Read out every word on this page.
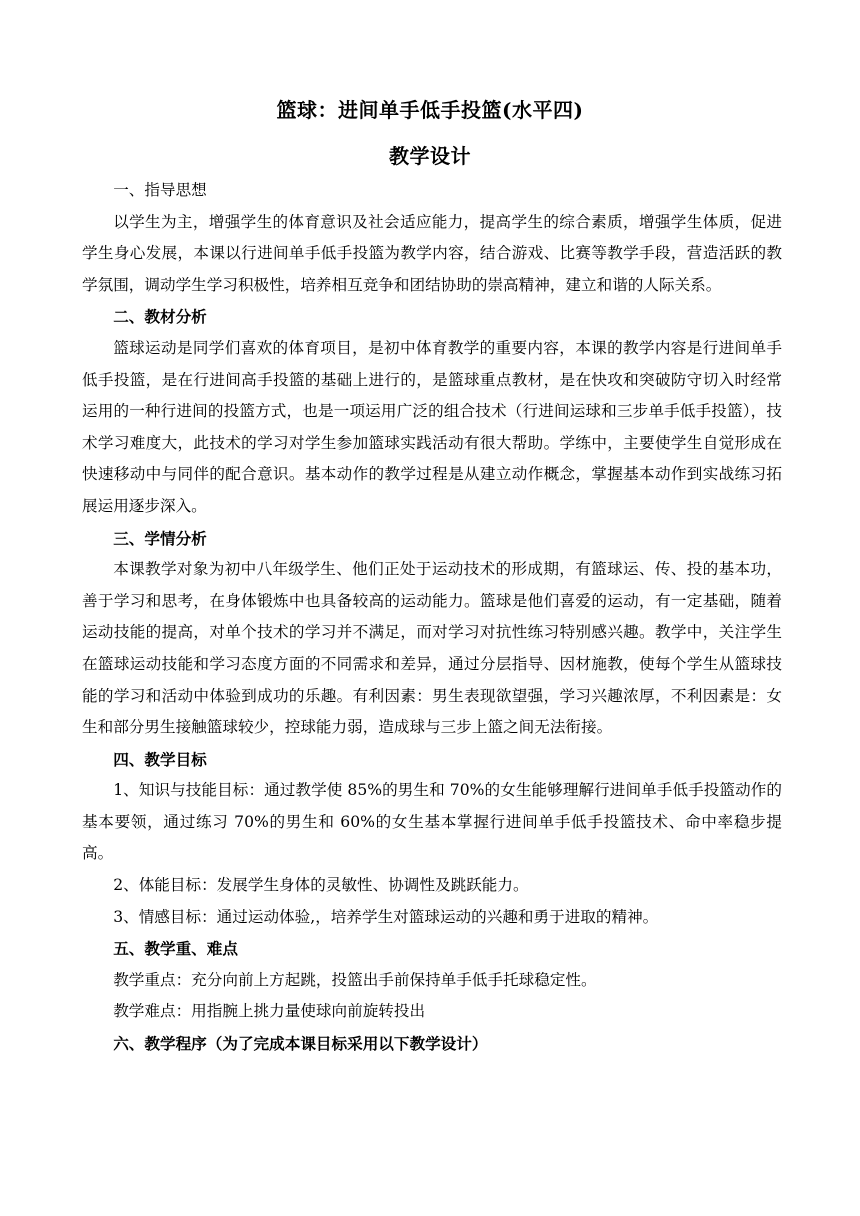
篮球：进间单手低手投篮(水平四)
教学设计

一、指导思想

以学生为主，增强学生的体育意识及社会适应能力，提高学生的综合素质，增强学生体质，促进学生身心发展，本课以行进间单手低手投篮为教学内容，结合游戏、比赛等教学手段，营造活跃的教学氛围，调动学生学习积极性，培养相互竞争和团结协助的崇高精神，建立和谐的人际关系。

二、教材分析

篮球运动是同学们喜欢的体育项目，是初中体育教学的重要内容，本课的教学内容是行进间单手低手投篮，是在行进间高手投篮的基础上进行的，是篮球重点教材，是在快攻和突破防守切入时经常运用的一种行进间的投篮方式，也是一项运用广泛的组合技术（行进间运球和三步单手低手投篮），技术学习难度大，此技术的学习对学生参加篮球实践活动有很大帮助。学练中，主要使学生自觉形成在快速移动中与同伴的配合意识。基本动作的教学过程是从建立动作概念，掌握基本动作到实战练习拓展运用逐步深入。

三、学情分析

本课教学对象为初中八年级学生、他们正处于运动技术的形成期，有篮球运、传、投的基本功，善于学习和思考，在身体锻炼中也具备较高的运动能力。篮球是他们喜爱的运动，有一定基础，随着运动技能的提高，对单个技术的学习并不满足，而对学习对抗性练习特别感兴趣。教学中，关注学生在篮球运动技能和学习态度方面的不同需求和差异，通过分层指导、因材施教，使每个学生从篮球技能的学习和活动中体验到成功的乐趣。有利因素：男生表现欲望强，学习兴趣浓厚，不利因素是：女生和部分男生接触篮球较少，控球能力弱，造成球与三步上篮之间无法衔接。

四、教学目标

1、知识与技能目标：通过教学使 85%的男生和 70%的女生能够理解行进间单手低手投篮动作的基本要领，通过练习 70%的男生和 60%的女生基本掌握行进间单手低手投篮技术、命中率稳步提高。

2、体能目标：发展学生身体的灵敏性、协调性及跳跃能力。

3、情感目标：通过运动体验,，培养学生对篮球运动的兴趣和勇于进取的精神。

五、教学重、难点

教学重点：充分向前上方起跳，投篮出手前保持单手低手托球稳定性。

教学难点：用指腕上挑力量使球向前旋转投出

六、教学程序（为了完成本课目标采用以下教学设计）
